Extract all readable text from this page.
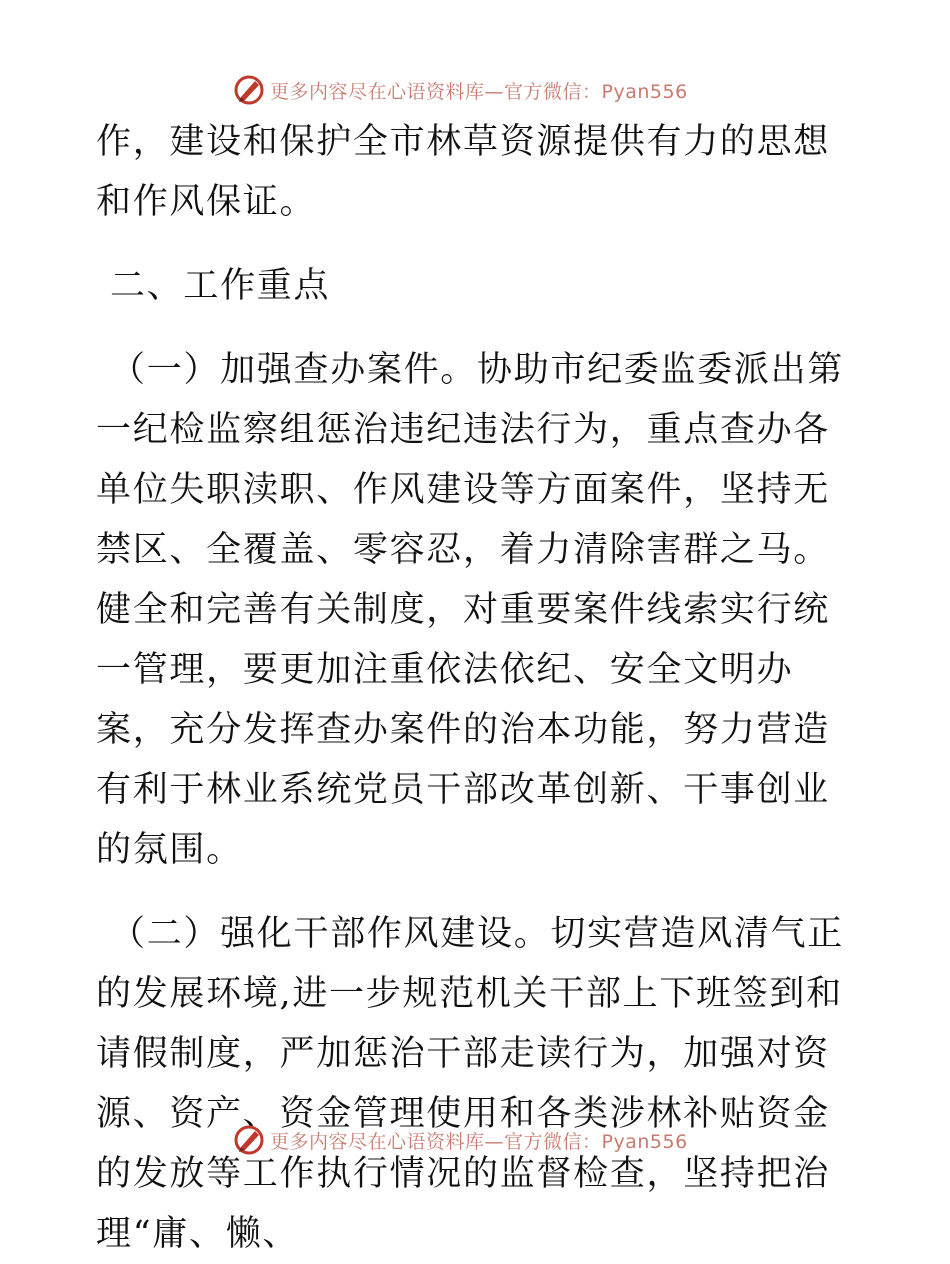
更多内容尽在心语资料库—官方微信：Pyan556

作，建设和保护全市林草资源提供有力的思想和作风保证。

二、工作重点

（一）加强查办案件。协助市纪委监委派出第一纪检监察组惩治违纪违法行为，重点查办各单位失职渎职、作风建设等方面案件，坚持无禁区、全覆盖、零容忍，着力清除害群之马。健全和完善有关制度，对重要案件线索实行统一管理，要更加注重依法依纪、安全文明办案，充分发挥查办案件的治本功能，努力营造有利于林业系统党员干部改革创新、干事创业的氛围。

（二）强化干部作风建设。切实营造风清气正的发展环境,进一步规范机关干部上下班签到和请假制度，严加惩治干部走读行为，加强对资源、资产、资金管理使用和各类涉林补贴资金的发放等工作执行情况的监督检查，坚持把治理“庸、懒、

更多内容尽在心语资料库—官方微信：Pyan556
